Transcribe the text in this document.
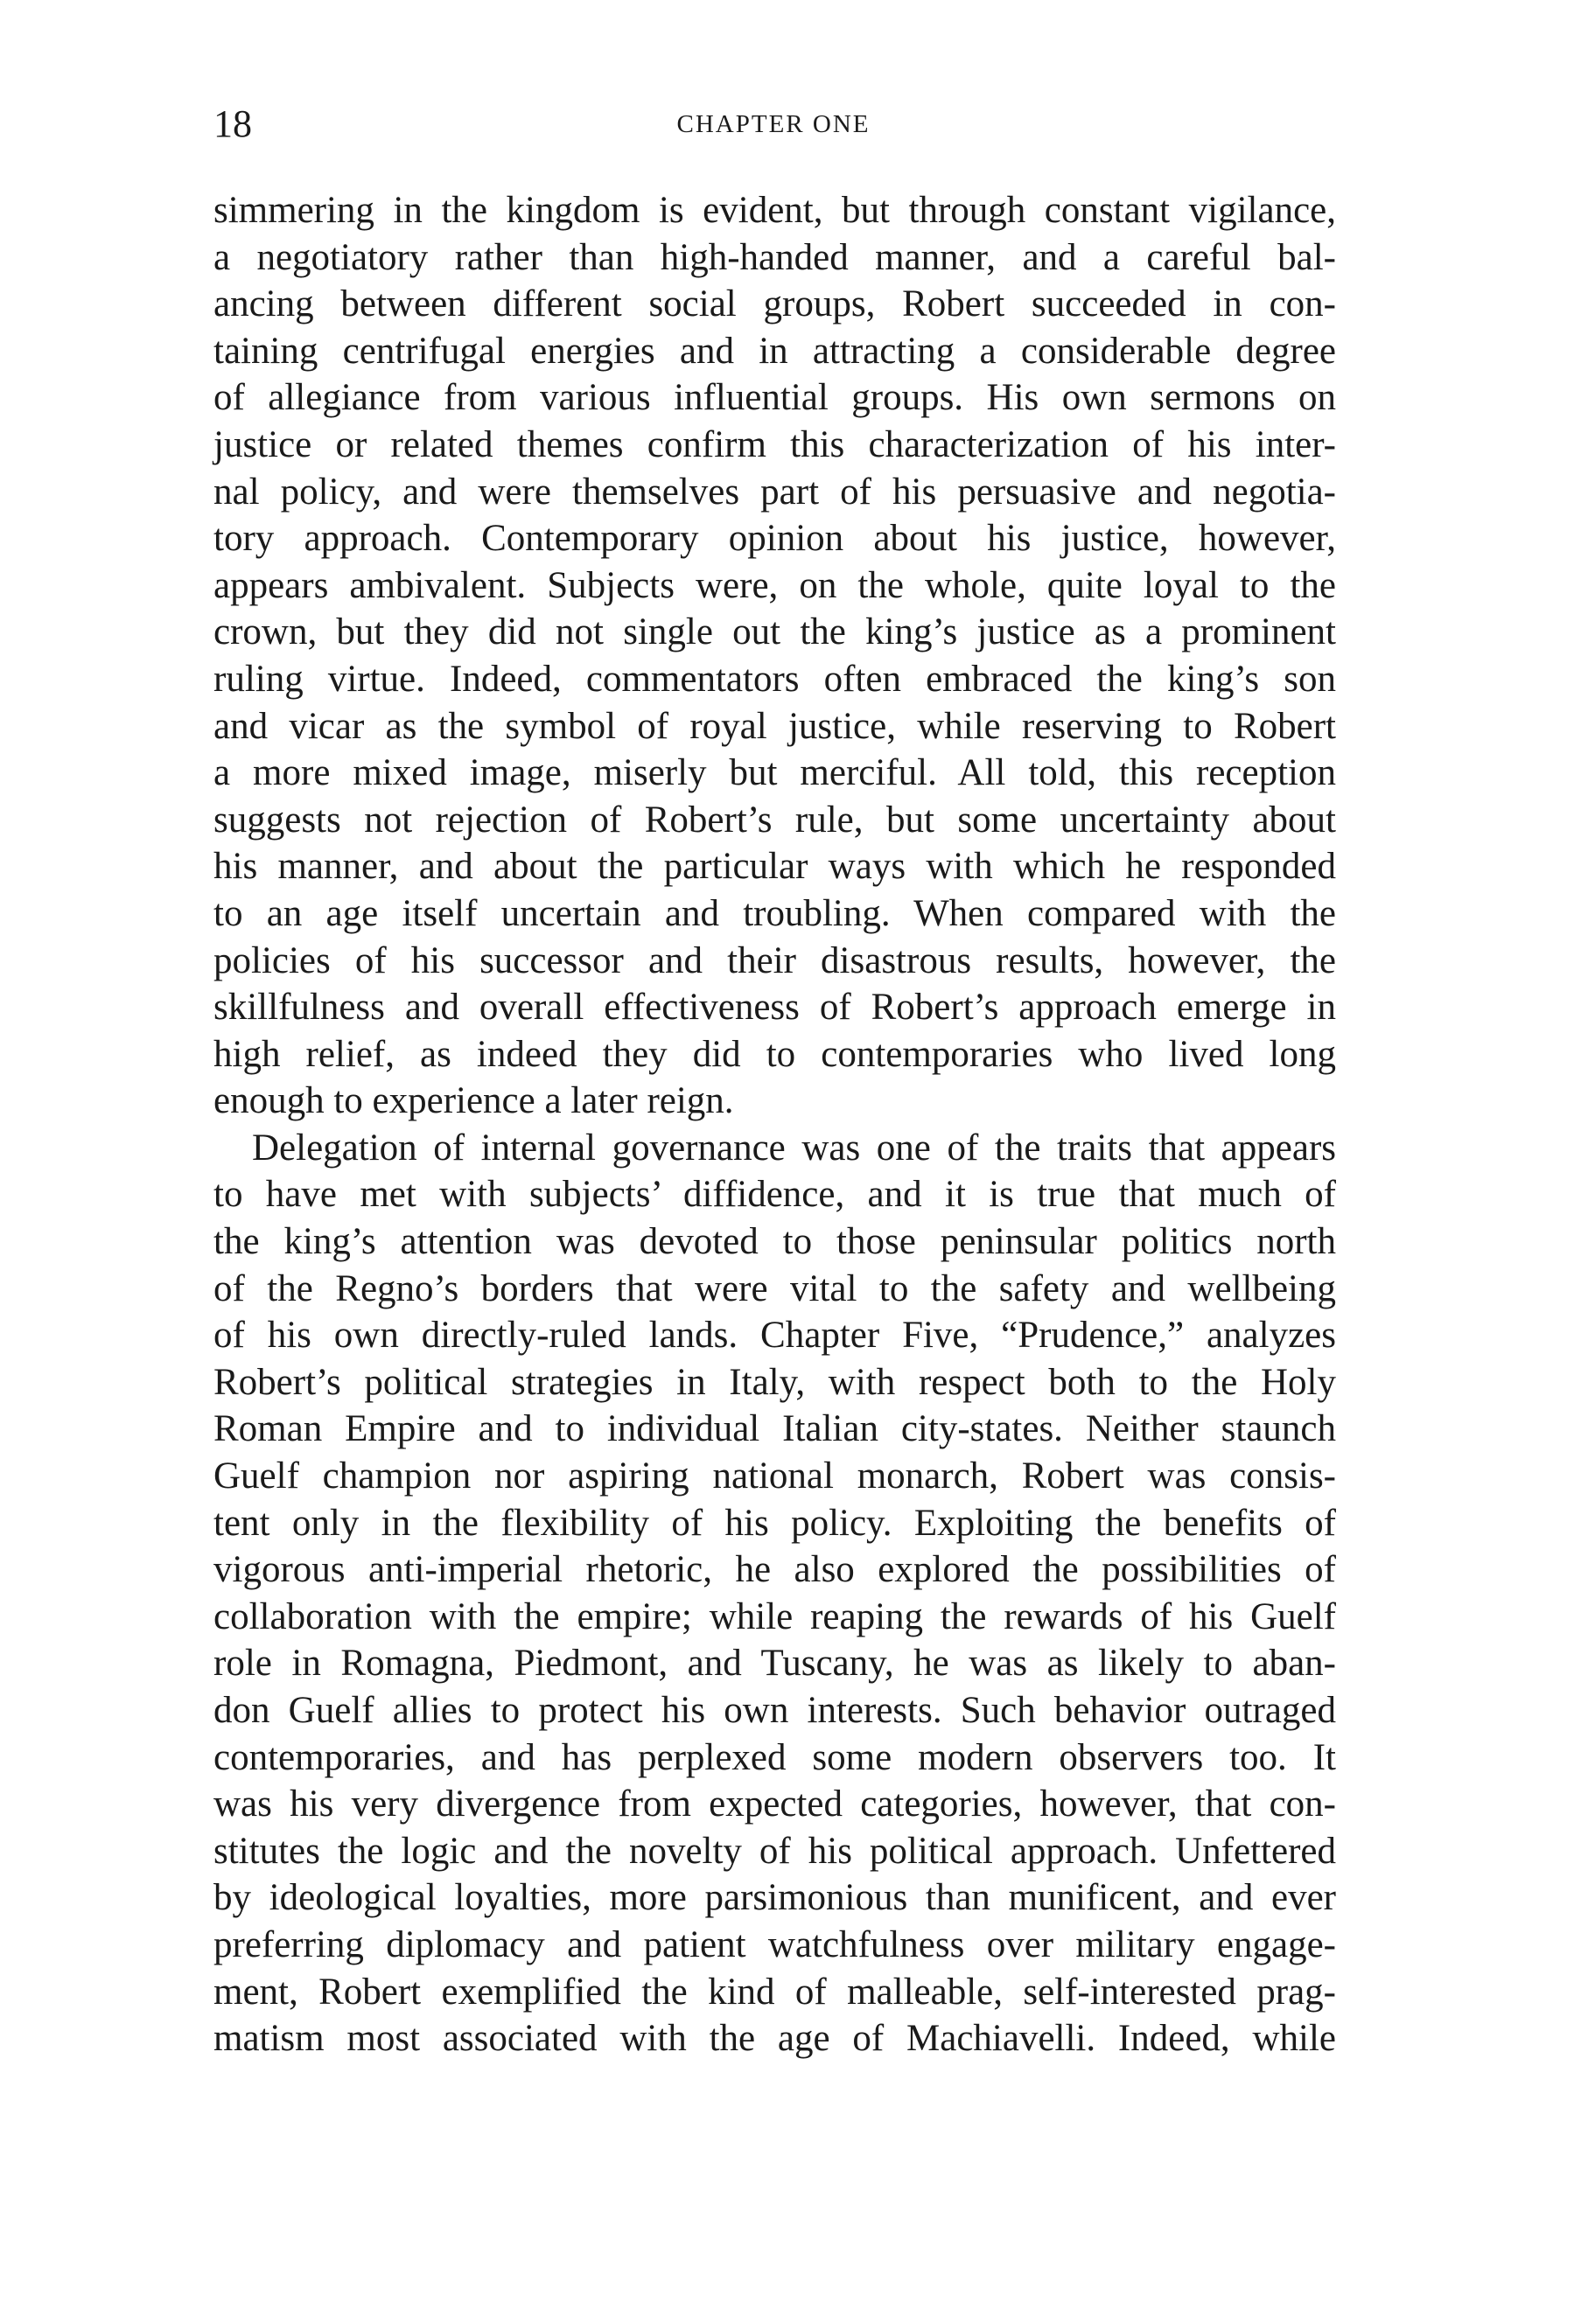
18	CHAPTER ONE
simmering in the kingdom is evident, but through constant vigilance,
a negotiatory rather than high-handed manner, and a careful bal-
ancing between different social groups, Robert succeeded in con-
taining centrifugal energies and in attracting a considerable degree
of allegiance from various influential groups. His own sermons on
justice or related themes confirm this characterization of his inter-
nal policy, and were themselves part of his persuasive and negotia-
tory approach. Contemporary opinion about his justice, however,
appears ambivalent. Subjects were, on the whole, quite loyal to the
crown, but they did not single out the king’s justice as a prominent
ruling virtue. Indeed, commentators often embraced the king’s son
and vicar as the symbol of royal justice, while reserving to Robert
a more mixed image, miserly but merciful. All told, this reception
suggests not rejection of Robert’s rule, but some uncertainty about
his manner, and about the particular ways with which he responded
to an age itself uncertain and troubling. When compared with the
policies of his successor and their disastrous results, however, the
skillfulness and overall effectiveness of Robert’s approach emerge in
high relief, as indeed they did to contemporaries who lived long
enough to experience a later reign.
Delegation of internal governance was one of the traits that appears
to have met with subjects’ diffidence, and it is true that much of
the king’s attention was devoted to those peninsular politics north
of the Regno’s borders that were vital to the safety and wellbeing
of his own directly-ruled lands. Chapter Five, “Prudence,” analyzes
Robert’s political strategies in Italy, with respect both to the Holy
Roman Empire and to individual Italian city-states. Neither staunch
Guelf champion nor aspiring national monarch, Robert was consis-
tent only in the flexibility of his policy. Exploiting the benefits of
vigorous anti-imperial rhetoric, he also explored the possibilities of
collaboration with the empire; while reaping the rewards of his Guelf
role in Romagna, Piedmont, and Tuscany, he was as likely to aban-
don Guelf allies to protect his own interests. Such behavior outraged
contemporaries, and has perplexed some modern observers too. It
was his very divergence from expected categories, however, that con-
stitutes the logic and the novelty of his political approach. Unfettered
by ideological loyalties, more parsimonious than munificent, and ever
preferring diplomacy and patient watchfulness over military engage-
ment, Robert exemplified the kind of malleable, self-interested prag-
matism most associated with the age of Machiavelli. Indeed, while
